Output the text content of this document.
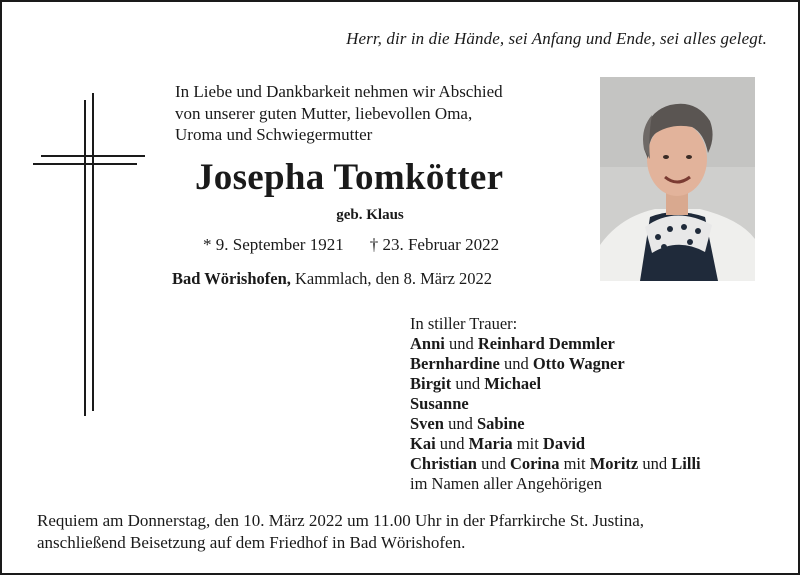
Herr, dir in die Hände, sei Anfang und Ende, sei alles gelegt.
In Liebe und Dankbarkeit nehmen wir Abschied
von unserer guten Mutter, liebevollen Oma,
Uroma und Schwiegermutter
Josepha Tomkötter
geb. Klaus
* 9. September 1921 † 23. Februar 2022
Bad Wörishofen, Kammlach, den 8. März 2022
In stiller Trauer:
Anni und Reinhard Demmler
Bernhardine und Otto Wagner
Birgit und Michael
Susanne
Sven und Sabine
Kai und Maria mit David
Christian und Corina mit Moritz und Lilli
im Namen aller Angehörigen
Requiem am Donnerstag, den 10. März 2022 um 11.00 Uhr in der Pfarrkirche St. Justina,
anschließend Beisetzung auf dem Friedhof in Bad Wörishofen.
